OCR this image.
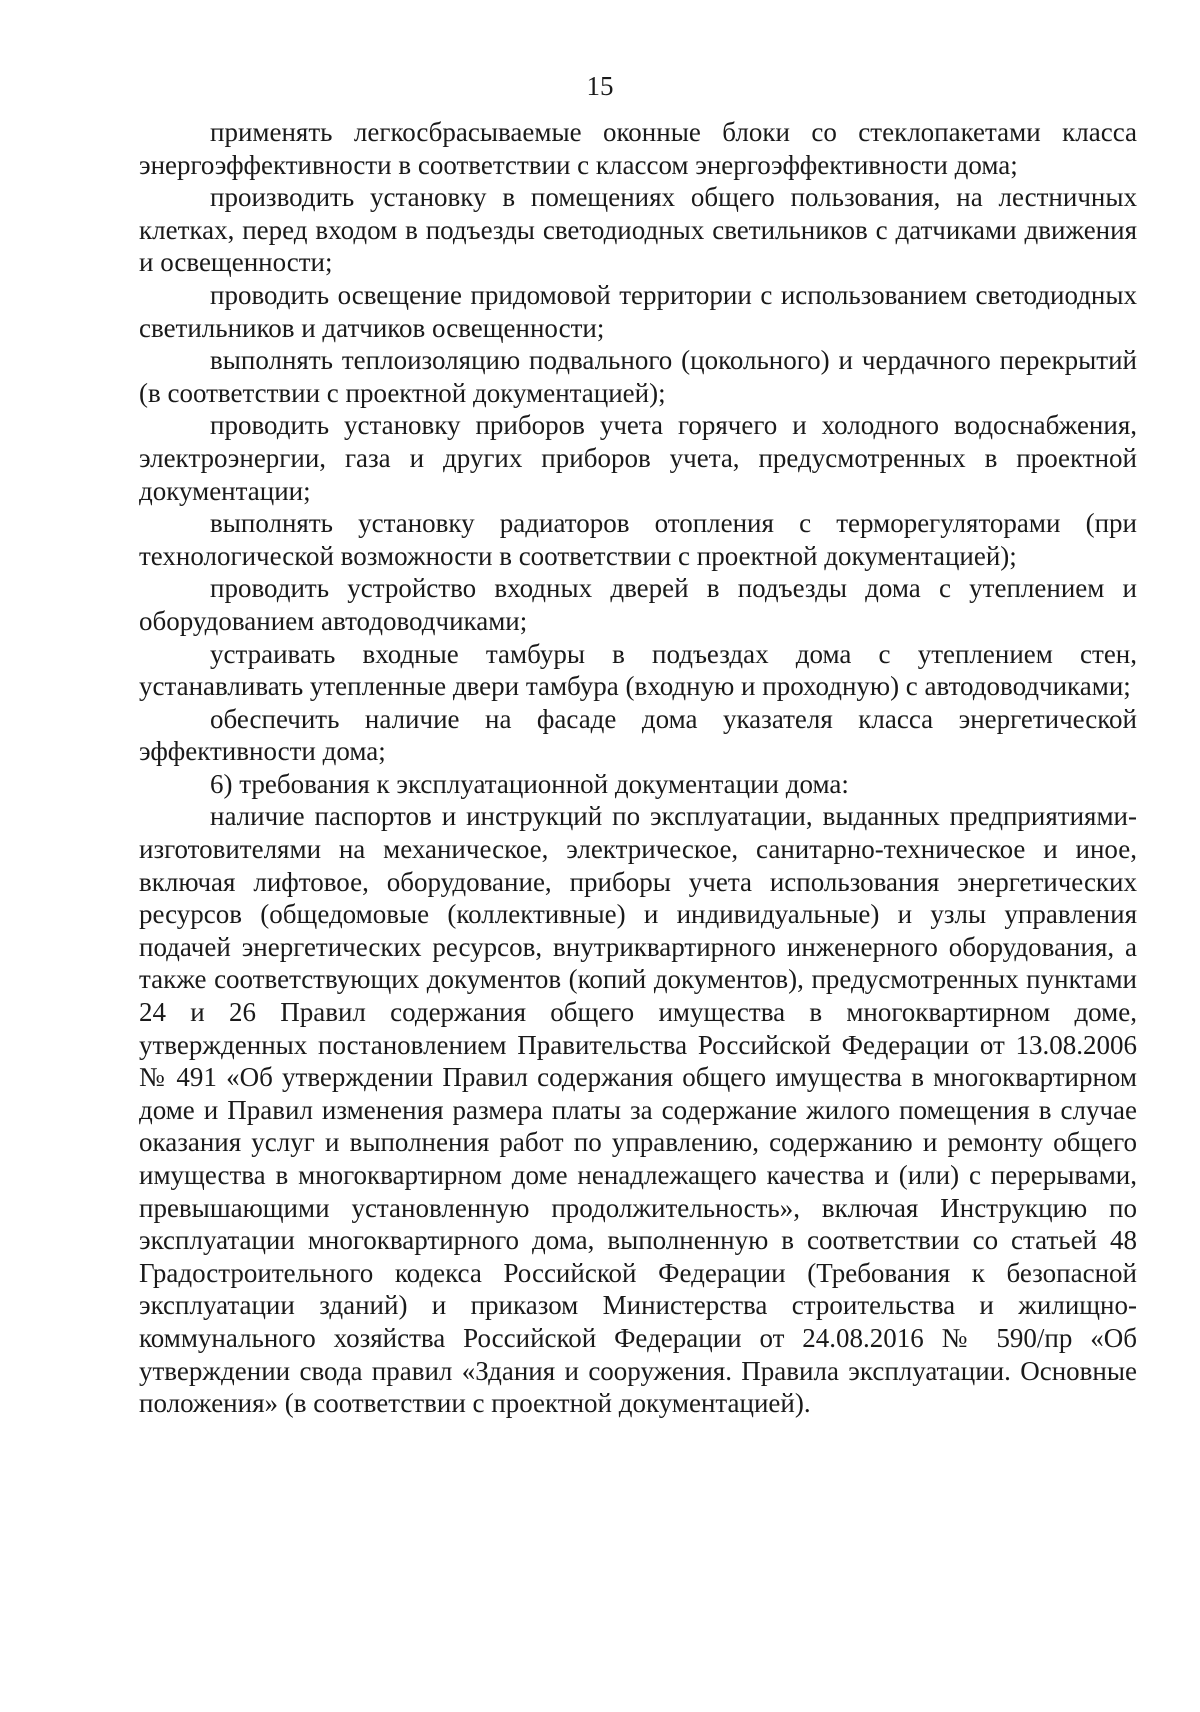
15

применять легкосбрасываемые оконные блоки со стеклопакетами класса энергоэффективности в соответствии с классом энергоэффективности дома;

производить установку в помещениях общего пользования, на лестничных клетках, перед входом в подъезды светодиодных светильников с датчиками движения и освещенности;

проводить освещение придомовой территории с использованием светодиодных светильников и датчиков освещенности;

выполнять теплоизоляцию подвального (цокольного) и чердачного перекрытий (в соответствии с проектной документацией);

проводить установку приборов учета горячего и холодного водоснабжения, электроэнергии, газа и других приборов учета, предусмотренных в проектной документации;

выполнять установку радиаторов отопления с терморегуляторами (при технологической возможности в соответствии с проектной документацией);

проводить устройство входных дверей в подъезды дома с утеплением и оборудованием автодоводчиками;

устраивать входные тамбуры в подъездах дома с утеплением стен, устанавливать утепленные двери тамбура (входную и проходную) с автодоводчиками;

обеспечить наличие на фасаде дома указателя класса энергетической эффективности дома;

6) требования к эксплуатационной документации дома:

наличие паспортов и инструкций по эксплуатации, выданных предприятиями-изготовителями на механическое, электрическое, санитарно-техническое и иное, включая лифтовое, оборудование, приборы учета использования энергетических ресурсов (общедомовые (коллективные) и индивидуальные) и узлы управления подачей энергетических ресурсов, внутриквартирного инженерного оборудования, а также соответствующих документов (копий документов), предусмотренных пунктами 24 и 26 Правил содержания общего имущества в многоквартирном доме, утвержденных постановлением Правительства Российской Федерации от 13.08.2006 № 491 «Об утверждении Правил содержания общего имущества в многоквартирном доме и Правил изменения размера платы за содержание жилого помещения в случае оказания услуг и выполнения работ по управлению, содержанию и ремонту общего имущества в многоквартирном доме ненадлежащего качества и (или) с перерывами, превышающими установленную продолжительность», включая Инструкцию по эксплуатации многоквартирного дома, выполненную в соответствии со статьей 48 Градостроительного кодекса Российской Федерации (Требования к безопасной эксплуатации зданий) и приказом Министерства строительства и жилищно-коммунального хозяйства Российской Федерации от 24.08.2016 № 590/пр «Об утверждении свода правил «Здания и сооружения. Правила эксплуатации. Основные положения» (в соответствии с проектной документацией).
